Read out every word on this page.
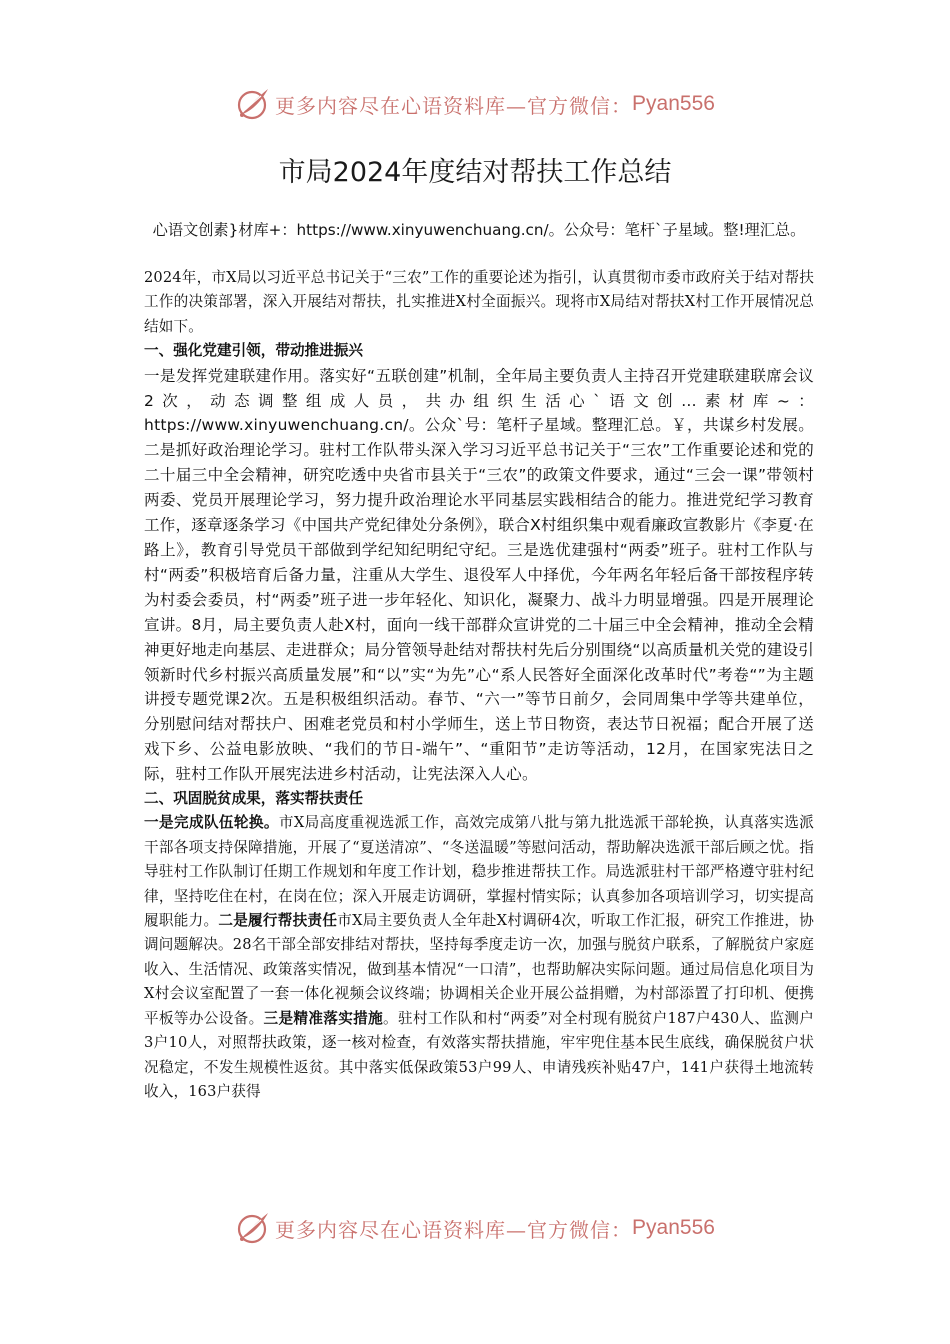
更多内容尽在心语资料库—官方微信： Pyan556
市局2024年度结对帮扶工作总结

心语文创素}材库+：https://www.xinyuwenchuang.cn/。公众号：笔杆`子星域。整!理汇总。

2024年，市X局以习近平总书记关于“三农”工作的重要论述为指引，认真贯彻市委市政府关于结对帮扶工作的决策部署，深入开展结对帮扶，扎实推进X村全面振兴。现将市X局结对帮扶X村工作开展情况总结如下。

一、强化党建引领，带动推进振兴

一是发挥党建联建作用。落实好“五联创建”机制，全年局主要负责人主持召开党建联建联席会议2次，动态调整组成人员，共办组织生活心`语文创…素材库~：https://www.xinyuwenchuang.cn/。公众`号：笔杆子星域。整理汇总。￥，共谋乡村发展。二是抓好政治理论学习。驻村工作队带头深入学习习近平总书记关于“三农”工作重要论述和党的二十届三中全会精神，研究吃透中央省市县关于“三农”的政策文件要求，通过“三会一课”带领村两委、党员开展理论学习，努力提升政治理论水平同基层实践相结合的能力。推进党纪学习教育工作，逐章逐条学习《中国共产党纪律处分条例》，联合X村组织集中观看廉政宣教影片《李夏·在路上》，教育引导党员干部做到学纪知纪明纪守纪。三是选优建强村“两委”班子。驻村工作队与村“两委”积极培育后备力量，注重从大学生、退役军人中择优，今年两名年轻后备干部按程序转为村委会委员，村“两委”班子进一步年轻化、知识化，凝聚力、战斗力明显增强。四是开展理论宣讲。8月，局主要负责人赴X村，面向一线干部群众宣讲党的二十届三中全会精神，推动全会精神更好地走向基层、走进群众；局分管领导赴结对帮扶村先后分别围绕“以高质量机关党的建设引领新时代乡村振兴高质量发展”和“以”实“为先”心“系人民答好全面深化改革时代”考卷“”为主题讲授专题党课2次。五是积极组织活动。春节、“六一”等节日前夕，会同周集中学等共建单位，分别慰问结对帮扶户、困难老党员和村小学师生，送上节日物资，表达节日祝福；配合开展了送戏下乡、公益电影放映、“我们的节日-端午”、“重阳节”走访等活动，12月，在国家宪法日之际，驻村工作队开展宪法进乡村活动，让宪法深入人心。

二、巩固脱贫成果，落实帮扶责任

一是完成队伍轮换。市X局高度重视选派工作，高效完成第八批与第九批选派干部轮换，认真落实选派干部各项支持保障措施，开展了“夏送清凉”、“冬送温暖”等慰问活动，帮助解决选派干部后顾之忧。指导驻村工作队制订任期工作规划和年度工作计划，稳步推进帮扶工作。局选派驻村干部严格遵守驻村纪律，坚持吃住在村，在岗在位；深入开展走访调研，掌握村情实际；认真参加各项培训学习，切实提高履职能力。二是履行帮扶责任市X局主要负责人全年赴X村调研4次，听取工作汇报，研究工作推进，协调问题解决。28名干部全部安排结对帮扶，坚持每季度走访一次，加强与脱贫户联系，了解脱贫户家庭收入、生活情况、政策落实情况，做到基本情况“一口清”，也帮助解决实际问题。通过局信息化项目为X村会议室配置了一套一体化视频会议终端；协调相关企业开展公益捐赠，为村部添置了打印机、便携平板等办公设备。三是精准落实措施。驻村工作队和村“两委”对全村现有脱贫户187户430人、监测户3户10人，对照帮扶政策，逐一核对检查，有效落实帮扶措施，牢牢兜住基本民生底线，确保脱贫户状况稳定，不发生规模性返贫。其中落实低保政策53户99人、申请残疾补贴47户，141户获得土地流转收入，163户获得

更多内容尽在心语资料库—官方微信： Pyan556
